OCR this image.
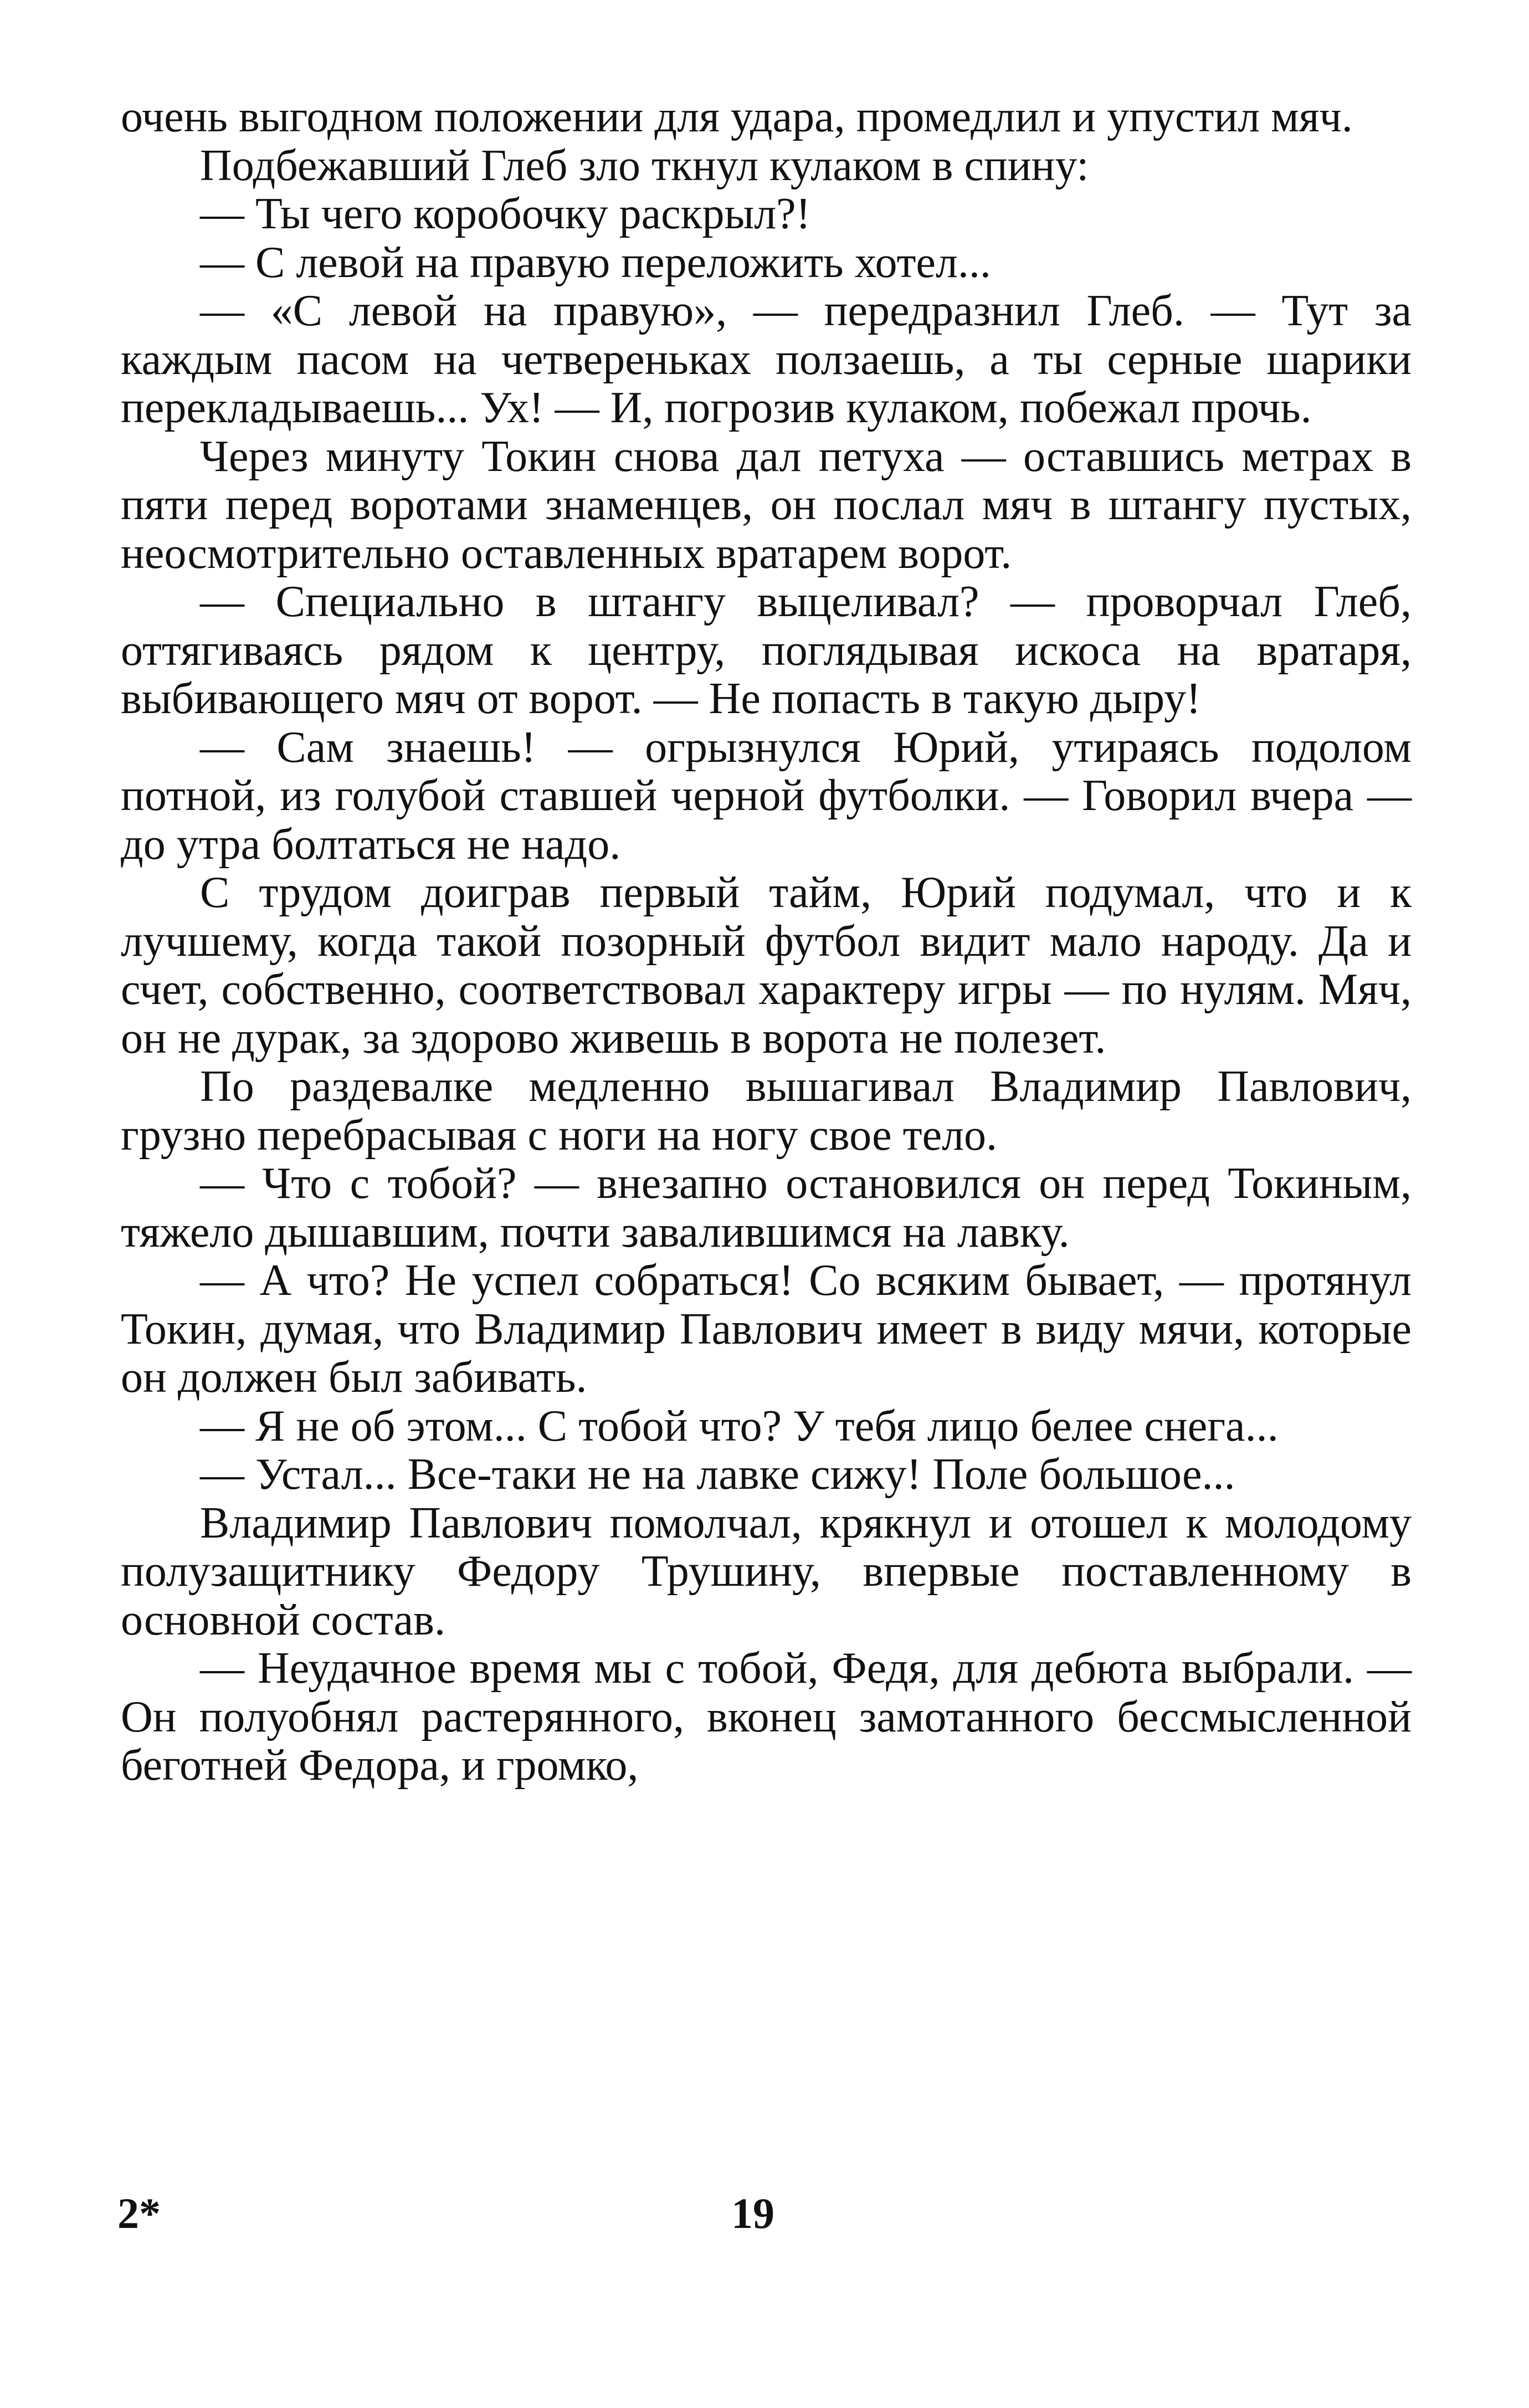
очень выгодном положении для удара, промедлил и упустил мяч.

Подбежавший Глеб зло ткнул кулаком в спину:

— Ты чего коробочку раскрыл?!

— С левой на правую переложить хотел...

— «С левой на правую», — передразнил Глеб. — Тут за каждым пасом на четвереньках ползаешь, а ты серные шарики перекладываешь... Ух! — И, погрозив кулаком, побежал прочь.

Через минуту Токин снова дал петуха — оставшись метрах в пяти перед воротами знаменцев, он послал мяч в штангу пустых, неосмотрительно оставленных вратарем ворот.

— Специально в штангу выцеливал? — проворчал Глеб, оттягиваясь рядом к центру, поглядывая искоса на вратаря, выбивающего мяч от ворот. — Не попасть в такую дыру!

— Сам знаешь! — огрызнулся Юрий, утираясь подолом потной, из голубой ставшей черной футболки. — Говорил вчера — до утра болтаться не надо.

С трудом доиграв первый тайм, Юрий подумал, что и к лучшему, когда такой позорный футбол видит мало народу. Да и счет, собственно, соответствовал характеру игры — по нулям. Мяч, он не дурак, за здорово живешь в ворота не полезет.

По раздевалке медленно вышагивал Владимир Павлович, грузно перебрасывая с ноги на ногу свое тело.

— Что с тобой? — внезапно остановился он перед Токиным, тяжело дышавшим, почти завалившимся на лавку.

— А что? Не успел собраться! Со всяким бывает, — протянул Токин, думая, что Владимир Павлович имеет в виду мячи, которые он должен был забивать.

— Я не об этом... С тобой что? У тебя лицо белее снега...

— Устал... Все-таки не на лавке сижу! Поле большое...

Владимир Павлович помолчал, крякнул и отошел к молодому полузащитнику Федору Трушину, впервые поставленному в основной состав.

— Неудачное время мы с тобой, Федя, для дебюта выбрали. — Он полуобнял растерянного, вконец замотанного бессмысленной беготней Федора, и громко,

2*	19
